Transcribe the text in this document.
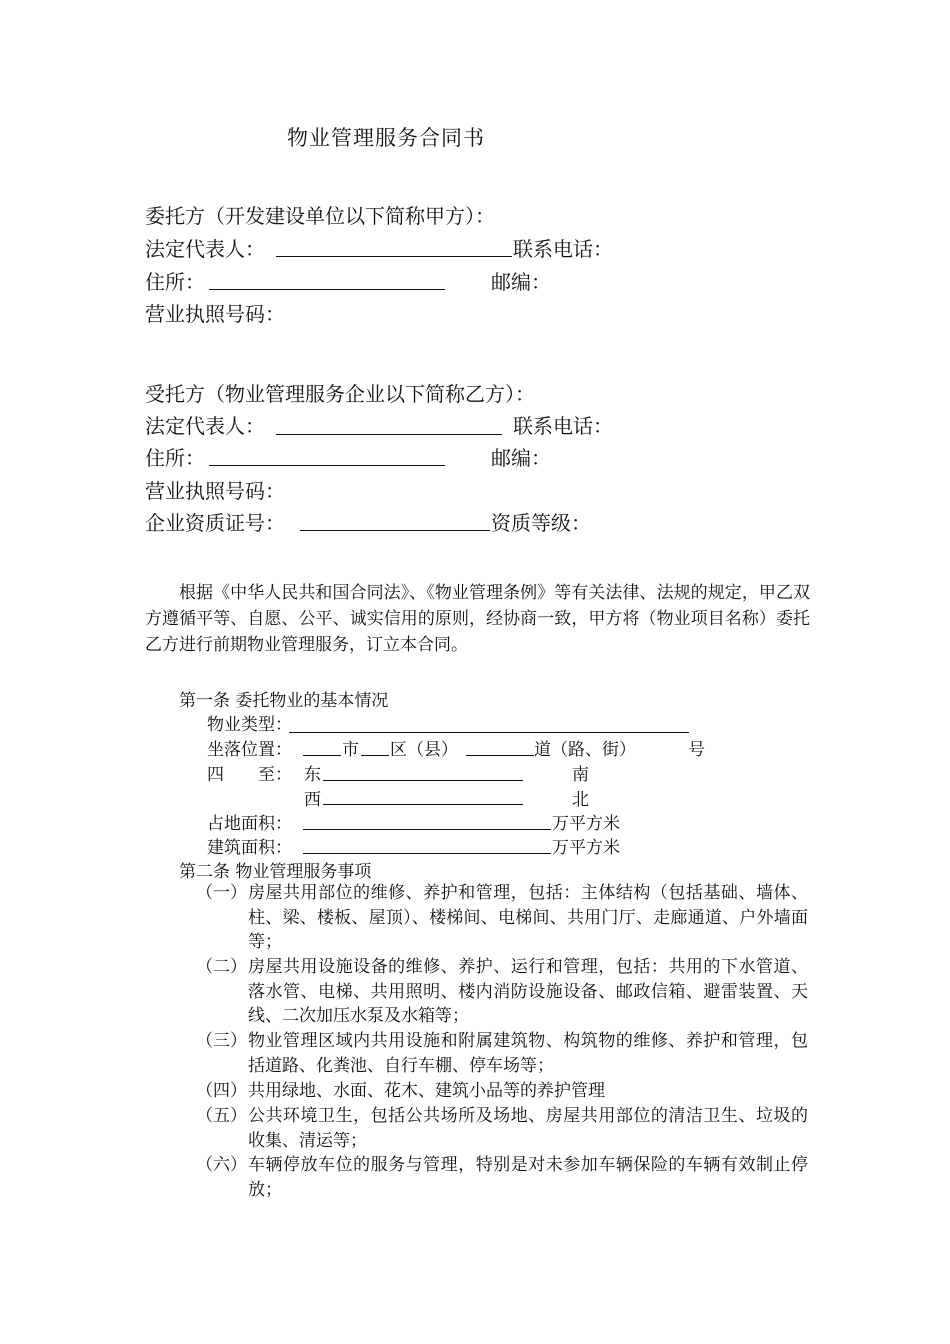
物业管理服务合同书
委托方（开发建设单位以下简称甲方）：
法定代表人：	联系电话：
住所：	邮编：
营业执照号码：
受托方（物业管理服务企业以下简称乙方）：
法定代表人：	联系电话：
住所：	邮编：
营业执照号码：
企业资质证号：	资质等级：
根据《中华人民共和国合同法》、《物业管理条例》等有关法律、法规的规定，甲乙双方遵循平等、自愿、公平、诚实信用的原则，经协商一致，甲方将（物业项目名称）委托乙方进行前期物业管理服务，订立本合同。
第一条 委托物业的基本情况
物业类型：
坐落位置：	市 区（县）	道（路、街）	号
四　　至： 东	南
西	北
占地面积：	万平方米
建筑面积：	万平方米
第二条 物业管理服务事项
（一） 房屋共用部位的维修、养护和管理，包括：主体结构（包括基础、墙体、柱、梁、楼板、屋顶）、楼梯间、电梯间、共用门厅、走廊通道、户外墙面等；
（二） 房屋共用设施设备的维修、养护、运行和管理，包括：共用的下水管道、落水管、电梯、共用照明、楼内消防设施设备、邮政信箱、避雷装置、天线、二次加压水泵及水箱等；
（三） 物业管理区域内共用设施和附属建筑物、构筑物的维修、养护和管理，包括道路、化粪池、自行车棚、停车场等；
（四） 共用绿地、水面、花木、建筑小品等的养护管理
（五） 公共环境卫生，包括公共场所及场地、房屋共用部位的清洁卫生、垃圾的收集、清运等；
（六） 车辆停放车位的服务与管理，特别是对未参加车辆保险的车辆有效制止停放；
